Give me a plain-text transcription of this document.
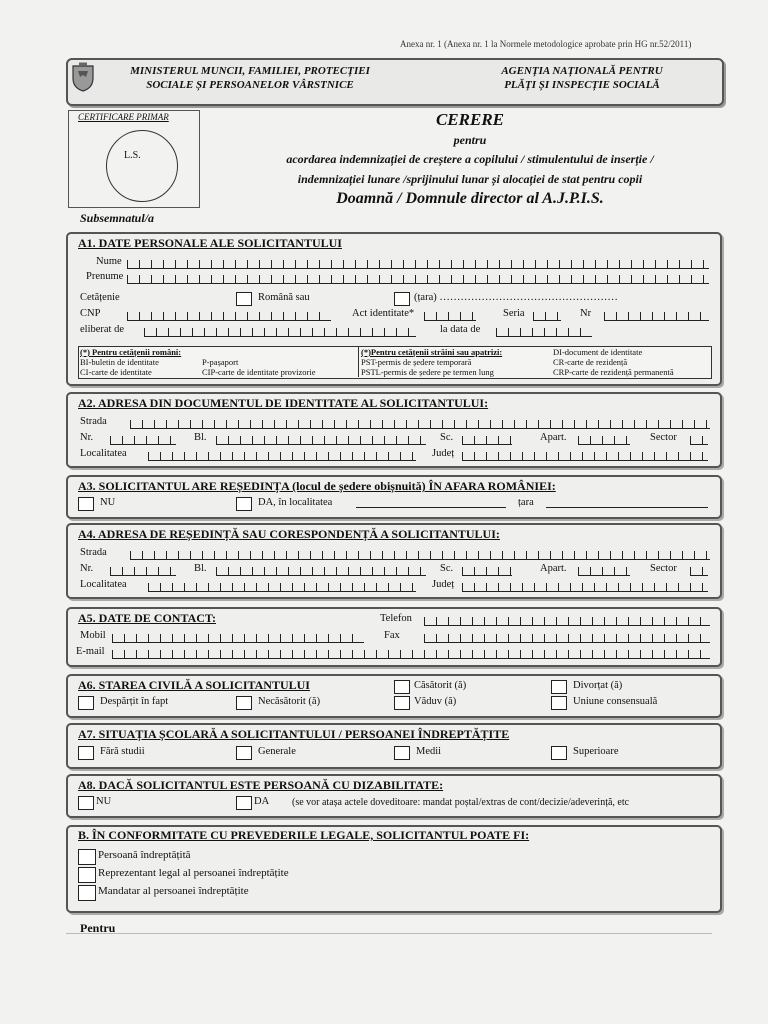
Anexa nr. 1 (Anexa nr. 1 la Normele metodologice aprobate prin HG nr.52/2011)
MINISTERUL MUNCII, FAMILIEI, PROTECȚIEI
SOCIALE ȘI PERSOANELOR VÂRSTNICE
AGENȚIA NAȚIONALĂ PENTRU
PLĂȚI ȘI INSPECȚIE SOCIALĂ
CERTIFICARE PRIMAR
L.S.
CERERE
pentru
acordarea indemnizației de creștere a copilului / stimulentului de inserție /
indemnizației lunare /sprijinului lunar și alocației de stat pentru copii
Doamnă / Domnule director al A.J.P.I.S.
Subsemnatul/a
A1. DATE PERSONALE ALE SOLICITANTULUI
Nume
Prenume
Cetățenie	Română sau	(țara) ……………………………………………
CNP	Act identitate*	Seria	Nr
eliberat de	la data de
(*) Pentru cetățenii români:
BI-buletin de identitate
CI-carte de identitate
P-pașaport
CIP-carte de identitate provizorie
(*)Pentru cetățenii străini sau apatrizi:
PST-permis de ședere temporară
PSTL-permis de ședere pe termen lung
DI-document de identitate
CR-carte de rezidență
CRP-carte de rezidență permanentă
A2. ADRESA DIN DOCUMENTUL DE IDENTITATE AL SOLICITANTULUI:
Strada
Nr.	Bl.	Sc.	Apart.	Sector
Localitatea	Județ
A3. SOLICITANTUL ARE REȘEDINȚA (locul de ședere obișnuită) ÎN AFARA ROMÂNIEI:
NU	DA, în localitatea	țara
A4. ADRESA DE REȘEDINȚĂ SAU CORESPONDENȚĂ A SOLICITANTULUI:
Strada
Nr.	Bl.	Sc.	Apart.	Sector
Localitatea	Județ
A5. DATE DE CONTACT:	Telefon
Mobil	Fax
E-mail
A6. STAREA CIVILĂ A SOLICITANTULUI	Căsătorit (ă)	Divorțat (ă)
Despărțit în fapt	Necăsătorit (ă)	Văduv (ă)	Uniune consensuală
A7. SITUAȚIA ȘCOLARĂ A SOLICITANTULUI / PERSOANEI ÎNDREPTĂȚITE
Fără studii	Generale	Medii	Superioare
A8. DACĂ SOLICITANTUL ESTE PERSOANĂ CU DIZABILITATE:
NU	DA (se vor atașa actele doveditoare: mandat poștal/extras de cont/decizie/adeverință, etc
B. ÎN CONFORMITATE CU PREVEDERILE LEGALE, SOLICITANTUL POATE FI:
Persoană îndreptățită
Reprezentant legal al persoanei îndreptățite
Mandatar al persoanei îndreptățite
Pentru
